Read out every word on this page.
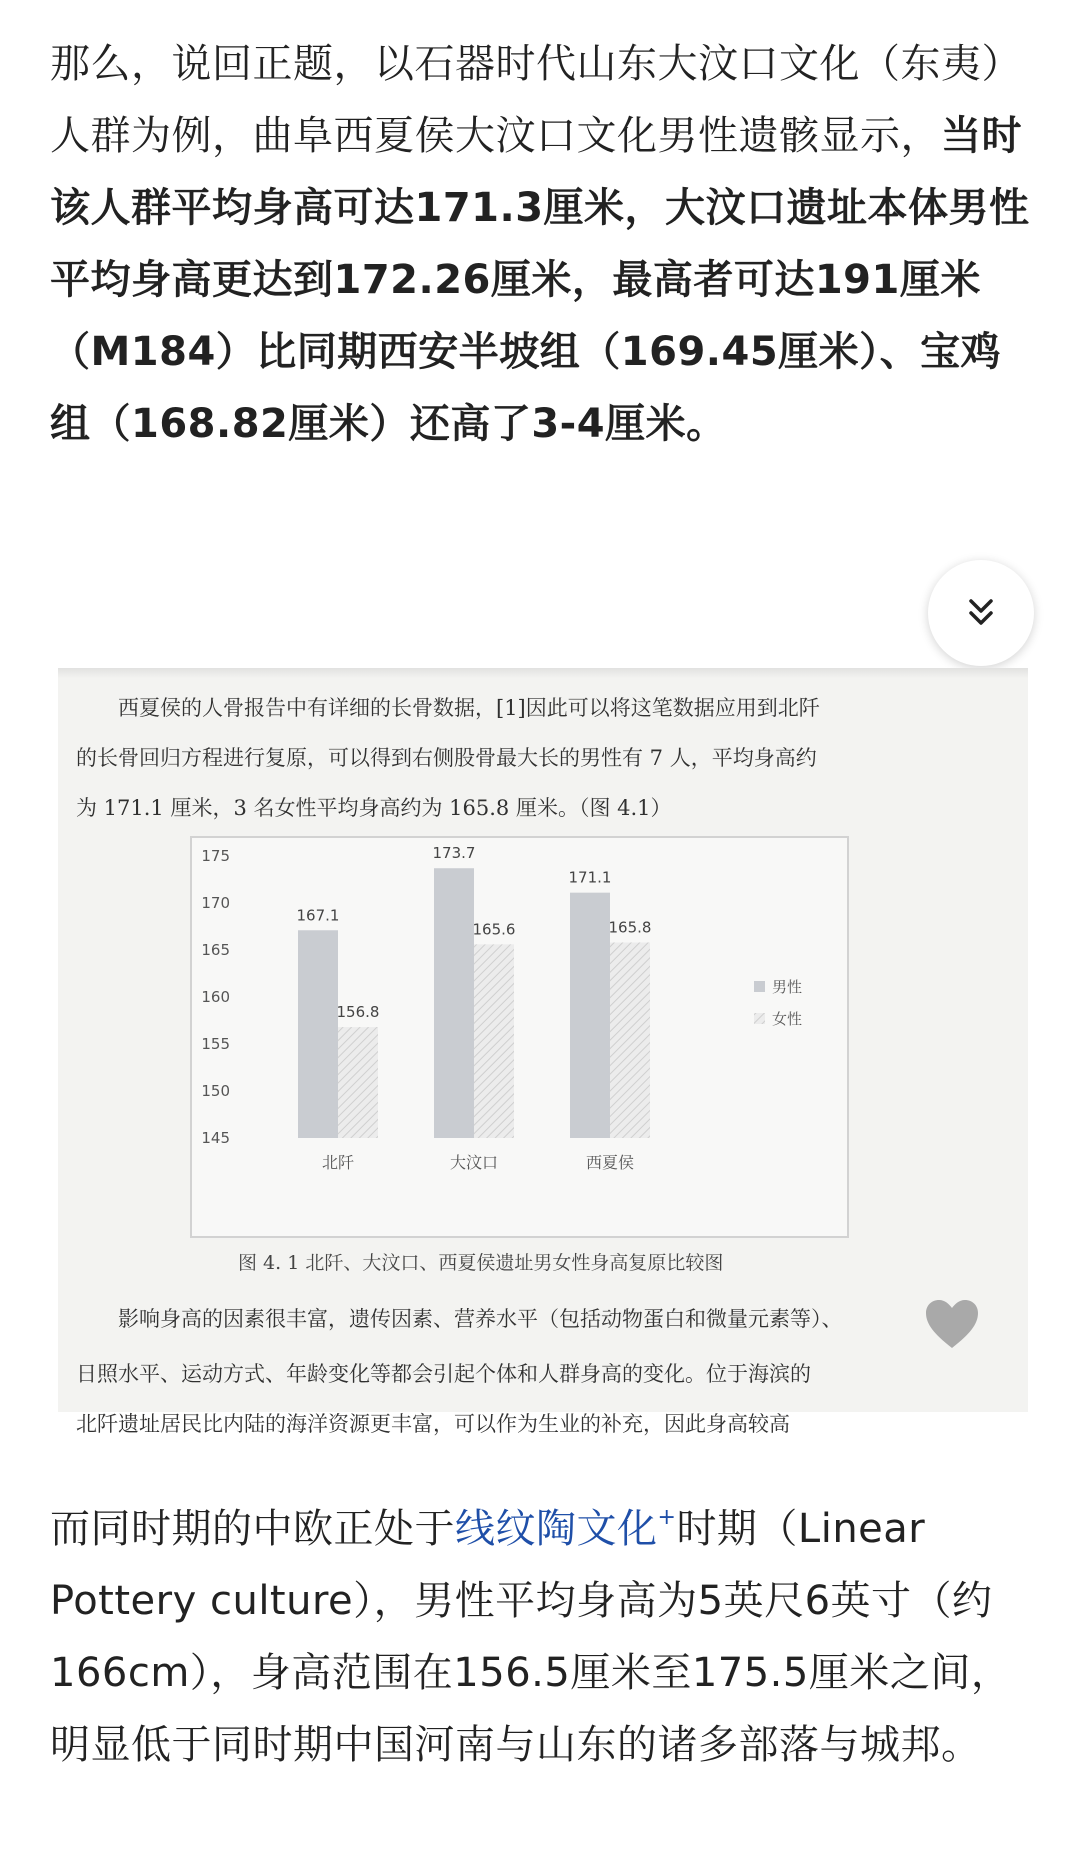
那么，说回正题，以石器时代山东大汶口文化（东夷）人群为例，曲阜西夏侯大汶口文化男性遗骸显示，当时该人群平均身高可达171.3厘米，大汶口遗址本体男性平均身高更达到172.26厘米，最高者可达191厘米（M184）比同期西安半坡组（169.45厘米）、宝鸡组（168.82厘米）还高了3-4厘米。
西夏侯的人骨报告中有详细的长骨数据，[1]因此可以将这笔数据应用到北阡
的长骨回归方程进行复原，可以得到右侧股骨最大长的男性有 7 人，平均身高约
为 171.1 厘米，3 名女性平均身高约为 165.8 厘米。（图 4.1）
145
150
155
160
165
170
175
167.1
156.8
北阡
173.7
165.6
大汶口
171.1
165.8
西夏侯
男性
女性
图 4. 1 北阡、大汶口、西夏侯遗址男女性身高复原比较图
影响身高的因素很丰富，遗传因素、营养水平（包括动物蛋白和微量元素等）、
日照水平、运动方式、年龄变化等都会引起个体和人群身高的变化。位于海滨的
北阡遗址居民比内陆的海洋资源更丰富，可以作为生业的补充，因此身高较高
而同时期的中欧正处于线纹陶文化+时期（Linear Pottery culture），男性平均身高为5英尺6英寸（约166cm），身高范围在156.5厘米至175.5厘米之间，明显低于同时期中国河南与山东的诸多部落与城邦。
